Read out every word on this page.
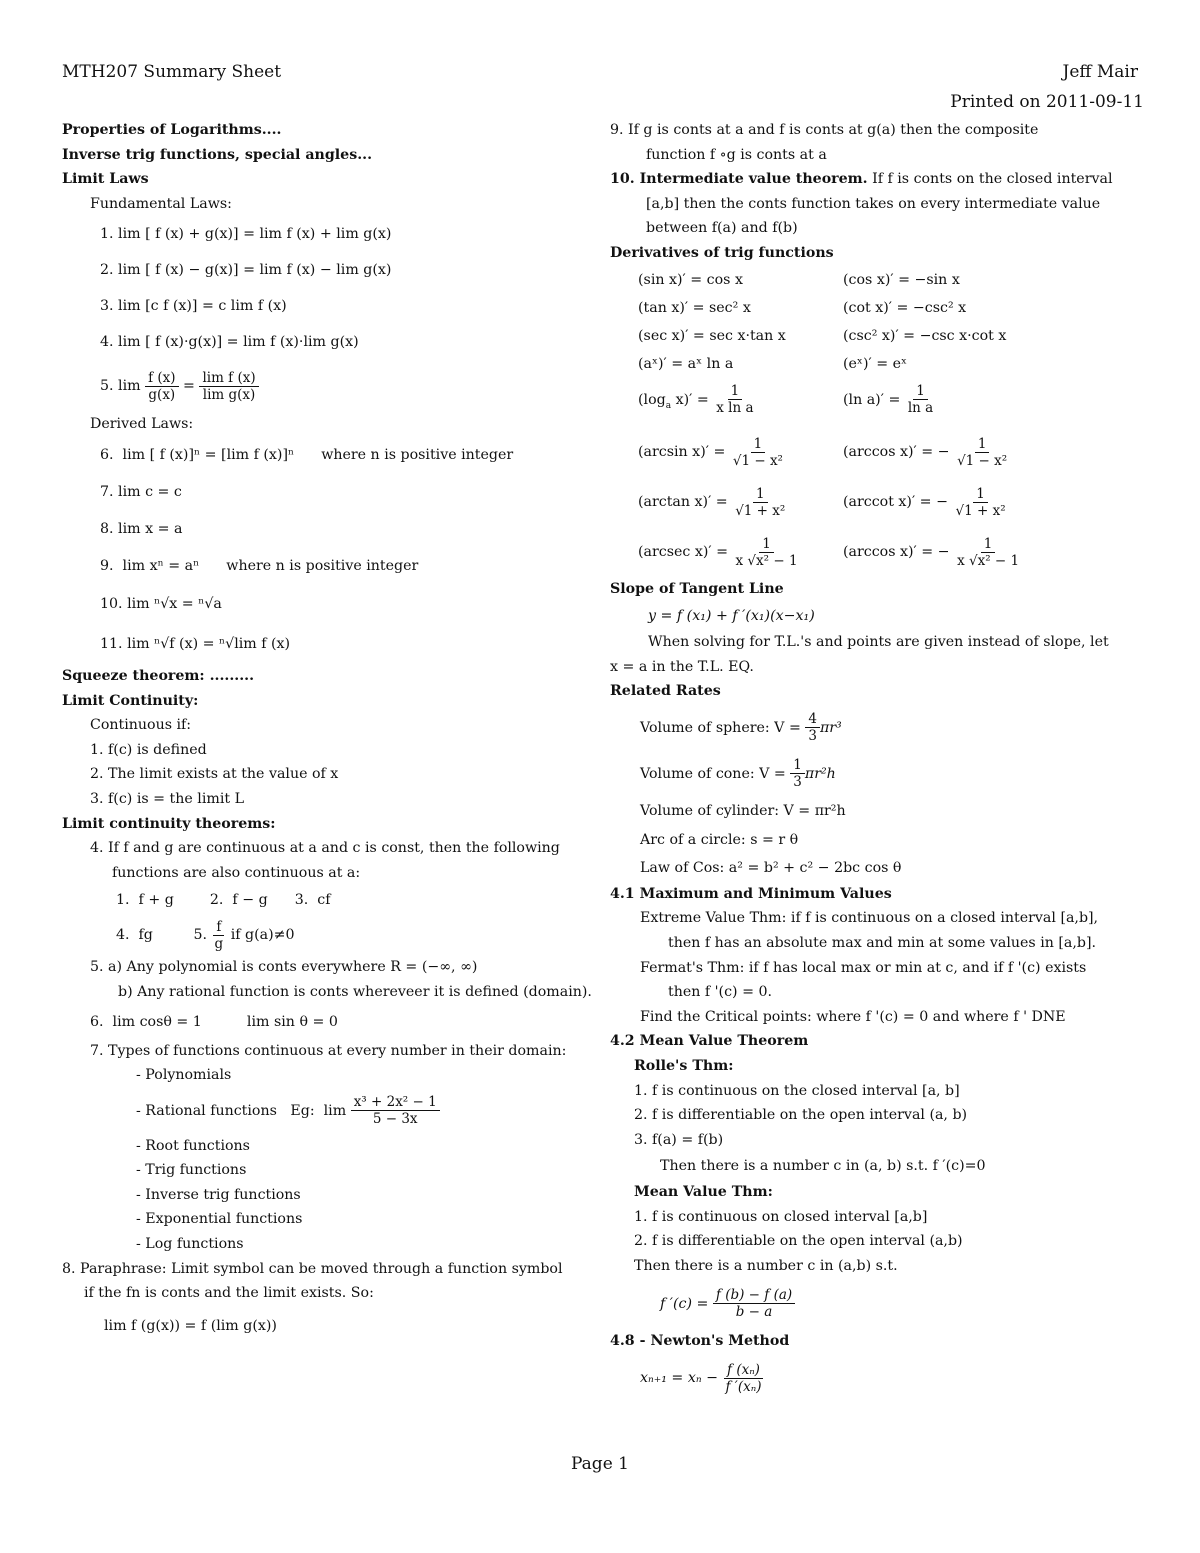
MTH207 Summary Sheet	Jeff Mair
Printed on 2011-09-11
Properties of Logarithms....
Inverse trig functions, special angles...
Limit Laws
Fundamental Laws:
1. lim [ f (x) + g(x)] = lim f (x) + lim g(x)
2. lim [ f (x) − g(x)] = lim f (x) − lim g(x)
3. lim [c f (x)] = c lim f (x)
4. lim [ f (x)·g(x)] = lim f (x)·lim g(x)
5. $\lim \frac{f (x)}{g(x)} = \frac{\text{lim f (x)}}{\text{lim g(x)}}$
Derived Laws:
6.  lim [ f (x)]ⁿ = [lim f (x)]ⁿ      where n is positive integer
7. lim c = c
8. lim x = a
9.  lim xⁿ = aⁿ      where n is positive integer
10. lim ⁿ√x = ⁿ√a
11. lim ⁿ√f (x) = ⁿ√lim f (x)
Squeeze theorem: .........
Limit Continuity:
Continuous if:
1. f(c) is defined
2. The limit exists at the value of x
3. f(c) is = the limit L
Limit continuity theorems:
4. If f and g are continuous at a and c is const, then the following
functions are also continuous at a:
1.  f + g        2.  f − g      3.  cf
4.  fg         5. $\frac{f}{g}$ if g(a)≠0
5. a) Any polynomial is conts everywhere R = (−∞, ∞)
b) Any rational function is conts whereveer it is defined (domain).
6.  lim cosθ = 1          lim sin θ = 0
7. Types of functions continuous at every number in their domain:
- Polynomials
- Rational functions   Eg:  $\lim \frac{\text{x³ + 2x² − 1}}{5 - 3x}$
- Root functions
- Trig functions
- Inverse trig functions
- Exponential functions
- Log functions
8. Paraphrase: Limit symbol can be moved through a function symbol
if the fn is conts and the limit exists. So:
lim f (g(x)) = f (lim g(x))
9. If g is conts at a and f is conts at g(a) then the composite
function f ∘g is conts at a
10. Intermediate value theorem. If f is conts on the closed interval
[a,b] then the conts function takes on every intermediate value
between f(a) and f(b)
Derivatives of trig functions
(sin x)′ = cos x	(cos x)′ = −sin x
(tan x)′ = sec² x	(cot x)′ = −csc² x
(sec x)′ = sec x·tan x	(csc² x)′ = −csc x·cot x
(aˣ)′ = aˣ ln a	(eˣ)′ = eˣ
($\log_a$ $x)' = \frac{1}{\text{x ln a}}$	(ln $a)' = \frac{1}{\text{ln a}}$
(arcsin $x)' = \frac{1}{\text{√1 − x²}}$	(arccos x)′ = − $\frac{1}{\text{√1 − x²}}$
(arctan $x)' = \frac{1}{\text{√1 + x²}}$	(arccot x)′ = − $\frac{1}{\text{√1 + x²}}$
(arcsec $x)' = \frac{1}{\text{x √x² − 1}}$	(arccos x)′ = − $\frac{1}{\text{x √x² − 1}}$
Slope of Tangent Line
y = f (x₁) + f ′(x₁)(x−x₁)
When solving for T.L.'s and points are given instead of slope, let
x = a in the T.L. EQ.
Related Rates
Volume of sphere: $V = \frac{4}{3} \pi r^3$
Volume of cone: $V = \frac{1}{3} \pi r^2h$
Volume of cylinder: V = πr²h
Arc of a circle: s = r θ
Law of Cos: a² = b² + c² − 2bc cos θ
4.1 Maximum and Minimum Values
Extreme Value Thm: if f is continuous on a closed interval [a,b],
then f has an absolute max and min at some values in [a,b].
Fermat's Thm: if f has local max or min at c, and if f '(c) exists
then f '(c) = 0.
Find the Critical points: where f '(c) = 0 and where f ' DNE
4.2 Mean Value Theorem
Rolle's Thm:
1. f is continuous on the closed interval [a, b]
2. f is differentiable on the open interval (a, b)
3. f(a) = f(b)
Then there is a number c in (a, b) s.t. f ′(c)=0
Mean Value Thm:
1. f is continuous on closed interval [a,b]
2. f is differentiable on the open interval (a,b)
Then there is a number c in (a,b) s.t.
f $'(c) = \frac{f (b) - f (a)}{b - a}$
4.8 - Newton's Method
$x_{n+1} = x_n - \frac{\text{f (xₙ)}}{\text{f ′(xₙ)}}$
Page 1
